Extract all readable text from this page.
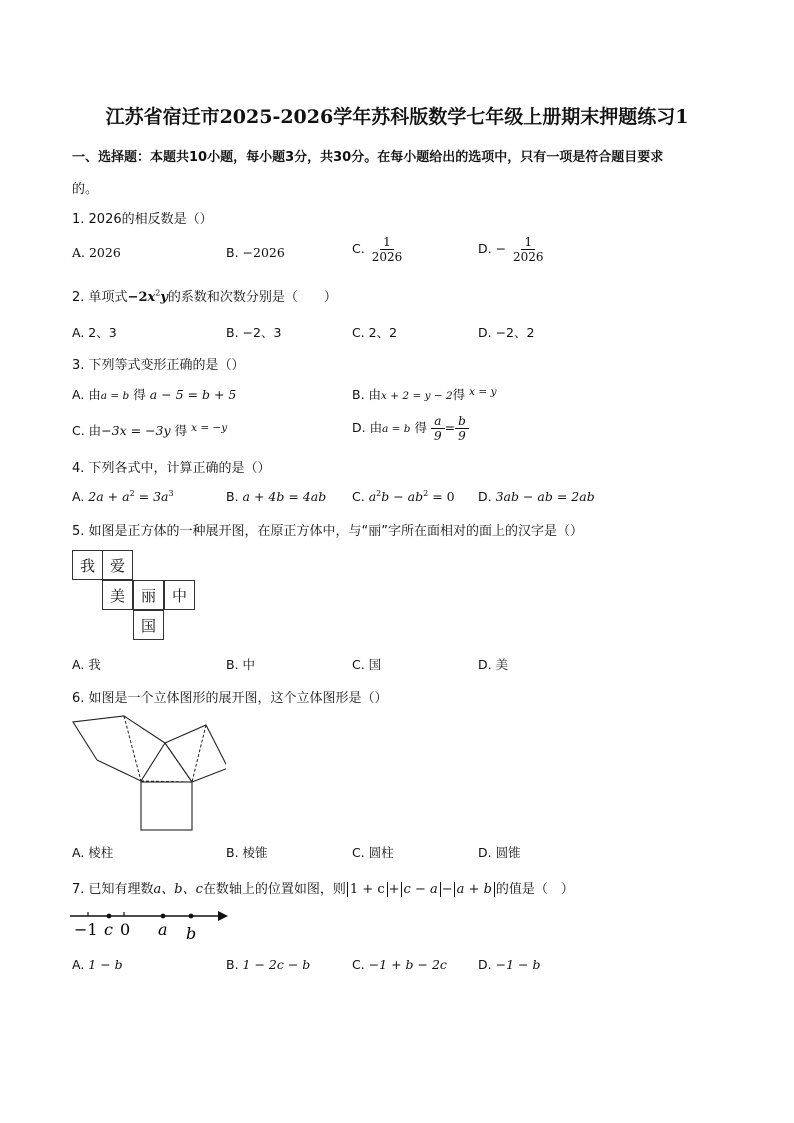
江苏省宿迁市2025-2026学年苏科版数学七年级上册期末押题练习1
一、选择题：本题共10小题，每小题3分，共30分。在每小题给出的选项中，只有一项是符合题目要求
的。
1. 2026的相反数是（）
A. 2026	B. −2026	C. $\frac{1}{2026}$	D. − $\frac{1}{2026}$
2. 单项式$-2x^2y$的系数和次数分别是（　　）
A. 2、3	B. −2、3	C. 2、2	D. −2、2
3. 下列等式变形正确的是（）
A. 由a = b 得 a − 5 = b + 5	B. 由x + 2 = y − 2得 $^{x = y}$
C. 由−3x = −3y 得 $^{x = -y}$	D. 由a = b 得 $\frac{a}{9} = \frac{b}{9}$
4. 下列各式中，计算正确的是（）
A. $2a + a^2 = 3a^3$	B. a + 4b = 4ab C. $a^2b - ab^2 = 0$ D. 3ab − ab = 2ab
5. 如图是正方体的一种展开图，在原正方体中，与“丽”字所在面相对的面上的汉字是（）
我 爱
美	丽	中
国
A. 我	B. 中	C. 国	D. 美
6. 如图是一个立体图形的展开图，这个立体图形是（）
A. 棱柱	B. 棱锥	C. 圆柱	D. 圆锥
7. 已知有理数a、b、c在数轴上的位置如图，则 1 + c + c − a − a + b 的值是（　）
−1 c 0 a b
A. 1 − b	B. 1 − 2c − b	C. −1 + b − 2c D. −1 − b
